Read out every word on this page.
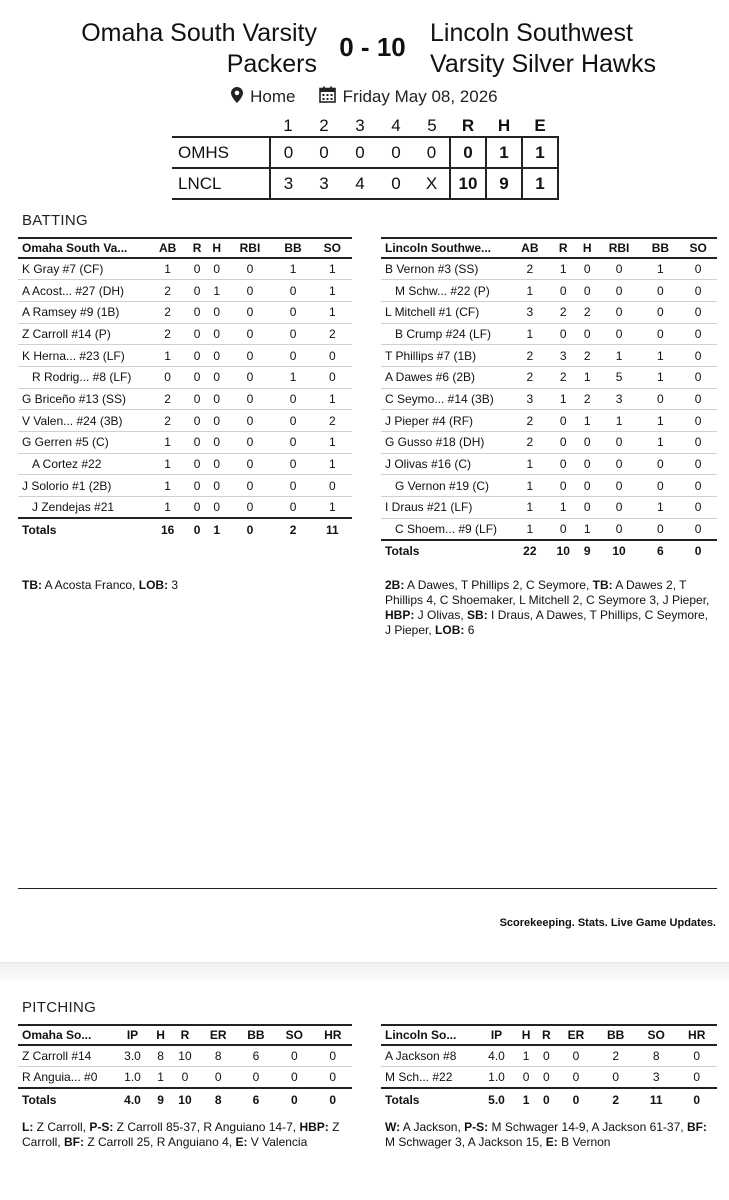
Omaha South Varsity
Packers
0 - 10 Lincoln Southwest
Varsity Silver Hawks
Home	Friday May 08, 2026
	1	2	3	4	5	R	H	E
OMHS	0	0	0	0	0	0	1	1
LNCL	3	3	4	0	X	10	9	1
BATTING
Omaha South Va...	AB	R	H	RBI	BB	SO
K Gray #7 (CF)	1	0	0	0	1	1
A Acost... #27 (DH)	2	0	1	0	0	1
A Ramsey #9 (1B)	2	0	0	0	0	1
Z Carroll #14 (P)	2	0	0	0	0	2
K Herna... #23 (LF)	1	0	0	0	0	0
R Rodrig... #8 (LF)	0	0	0	0	1	0
G Briceño #13 (SS)	2	0	0	0	0	1
V Valen... #24 (3B)	2	0	0	0	0	2
G Gerren #5 (C)	1	0	0	0	0	1
A Cortez #22	1	0	0	0	0	1
J Solorio #1 (2B)	1	0	0	0	0	0
J Zendejas #21	1	0	0	0	0	1
Totals	16	0	1	0	2	11
Lincoln Southwe...	AB	R	H	RBI	BB	SO
B Vernon #3 (SS)	2	1	0	0	1	0
M Schw... #22 (P)	1	0	0	0	0	0
L Mitchell #1 (CF)	3	2	2	0	0	0
B Crump #24 (LF)	1	0	0	0	0	0
T Phillips #7 (1B)	2	3	2	1	1	0
A Dawes #6 (2B)	2	2	1	5	1	0
C Seymo... #14 (3B)	3	1	2	3	0	0
J Pieper #4 (RF)	2	0	1	1	1	0
G Gusso #18 (DH)	2	0	0	0	1	0
J Olivas #16 (C)	1	0	0	0	0	0
G Vernon #19 (C)	1	0	0	0	0	0
I Draus #21 (LF)	1	1	0	0	1	0
C Shoem... #9 (LF)	1	0	1	0	0	0
Totals	22	10	9	10	6	0
TB: A Acosta Franco, LOB: 3	2B: A Dawes, T Phillips 2, C Seymore, TB: A Dawes 2, T Phillips 4, C Shoemaker, L Mitchell 2, C Seymore 3, J Pieper, HBP: J Olivas, SB: I Draus, A Dawes, T Phillips, C Seymore, J Pieper, LOB: 6
Scorekeeping. Stats. Live Game Updates.
PITCHING
Omaha So...	IP	H	R	ER	BB	SO	HR
Z Carroll #14	3.0	8	10	8	6	0	0
R Anguia... #0	1.0	1	0	0	0	0	0
Totals	4.0	9	10	8	6	0	0
Lincoln So...	IP	H	R	ER	BB	SO	HR
A Jackson #8	4.0	1	0	0	2	8	0
M Sch... #22	1.0	0	0	0	0	3	0
Totals	5.0	1	0	0	2	11	0
L: Z Carroll, P-S: Z Carroll 85-37, R Anguiano 14-7, HBP: Z Carroll, BF: Z Carroll 25, R Anguiano 4, E: V Valencia
W: A Jackson, P-S: M Schwager 14-9, A Jackson 61-37, BF: M Schwager 3, A Jackson 15, E: B Vernon
